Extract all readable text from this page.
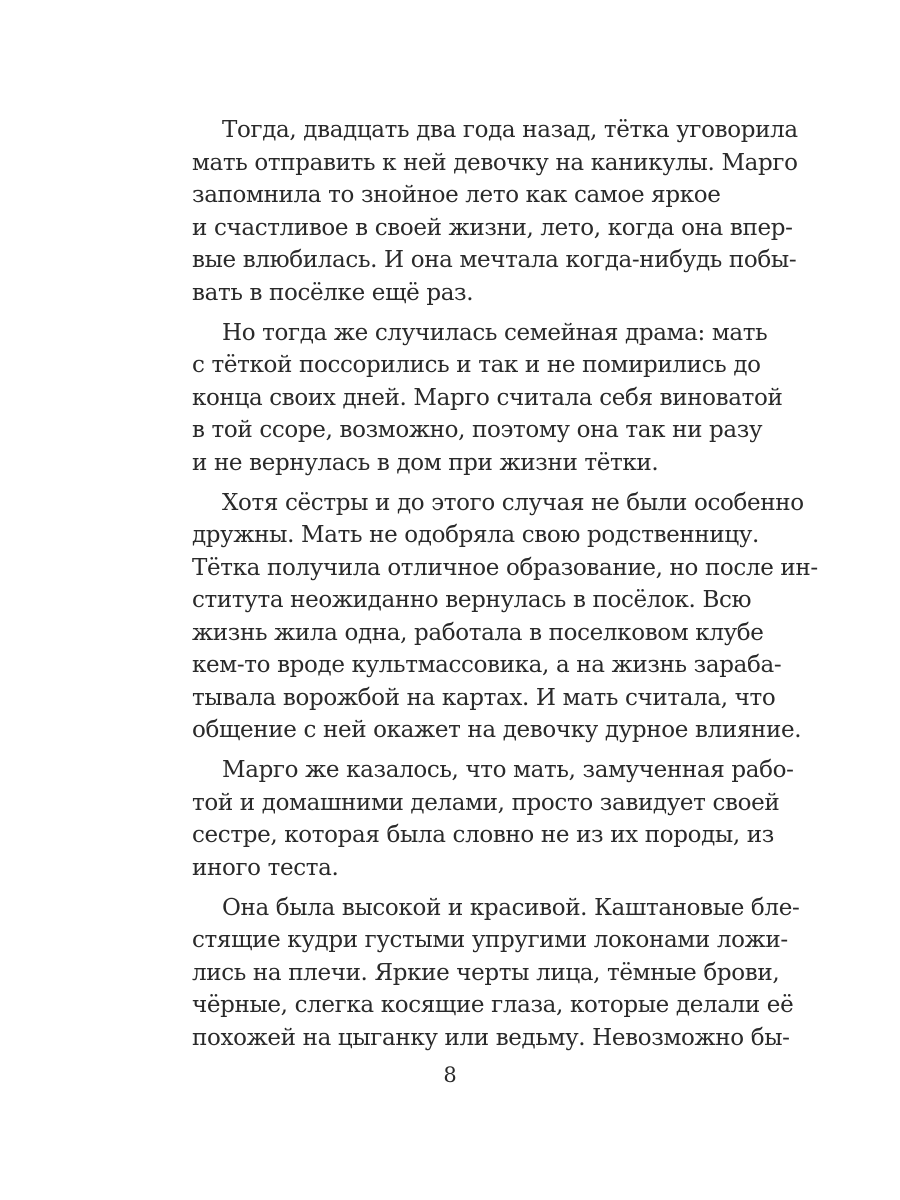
Тогда, двадцать два года назад, тётка уговорила
мать отправить к ней девочку на каникулы. Марго
запомнила то знойное лето как самое яркое
и счастливое в своей жизни, лето, когда она впер-
вые влюбилась. И она мечтала когда-нибудь побы-
вать в посёлке ещё раз.
Но тогда же случилась семейная драма: мать
с тёткой поссорились и так и не помирились до
конца своих дней. Марго считала себя виноватой
в той ссоре, возможно, поэтому она так ни разу
и не вернулась в дом при жизни тётки.
Хотя сёстры и до этого случая не были особенно
дружны. Мать не одобряла свою родственницу.
Тётка получила отличное образование, но после ин-
ститута неожиданно вернулась в посёлок. Всю
жизнь жила одна, работала в поселковом клубе
кем-то вроде культмассовика, а на жизнь зараба-
тывала ворожбой на картах. И мать считала, что
общение с ней окажет на девочку дурное влияние.
Марго же казалось, что мать, замученная рабо-
той и домашними делами, просто завидует своей
сестре, которая была словно не из их породы, из
иного теста.
Она была высокой и красивой. Каштановые бле-
стящие кудри густыми упругими локонами ложи-
лись на плечи. Яркие черты лица, тёмные брови,
чёрные, слегка косящие глаза, которые делали её
похожей на цыганку или ведьму. Невозможно бы-
8
